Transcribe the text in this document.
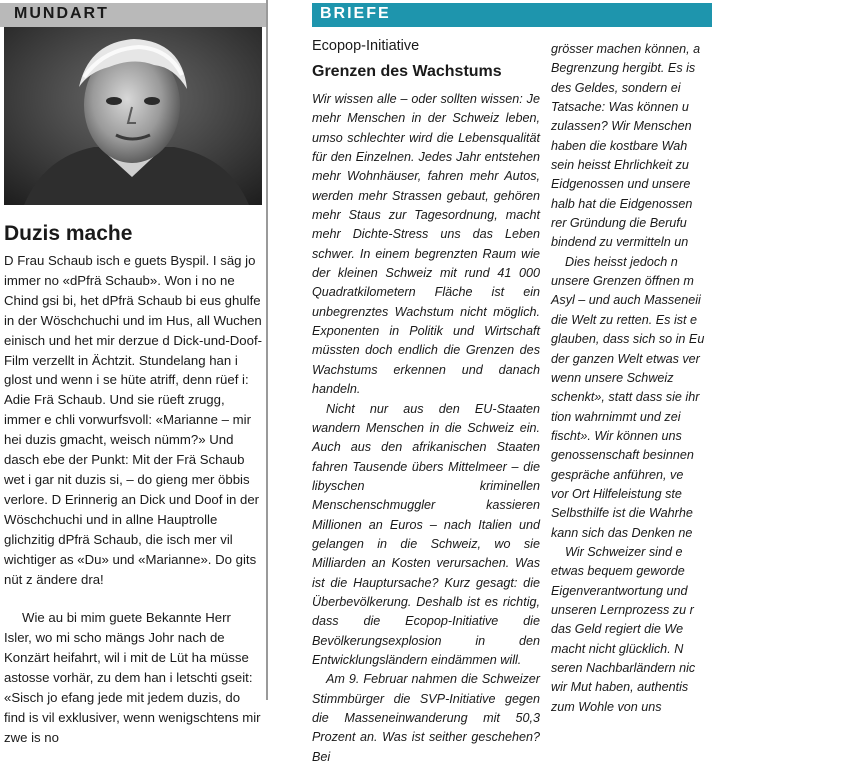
MUNDART
Duzis mache

D Frau Schaub isch e guets Byspil. I säg jo immer no «dPfrä Schaub». Won i no ne Chind gsi bi, het dPfrä Schaub bi eus ghulfe in der Wöschchuchi und im Hus, all Wuchen einisch und het mir derzue d Dick-und-Doof-Film verzellt in Ächtzit. Stundelang han i glost und wenn i se hüte atriff, denn rüef i: Adie Frä Schaub. Und sie rüeft zrugg, immer e chli vorwurfsvoll: «Marianne – mir hei duzis gmacht, weisch nümm?» Und dasch ebe der Punkt: Mit der Frä Schaub wet i gar nit duzis si, – do gieng mer öbbis verlore. D Erinnerig an Dick und Doof in der Wöschchuchi und in allne Hauptrolle glichzitig dPfrä Schaub, die isch mer vil wichtiger as «Du» und «Marianne». Do gits nüt z ändere dra!

Wie au bi mim guete Bekannte Herr Isler, wo mi scho mängs Johr nach de Konzärt heifahrt, wil i mit de Lüt ha müsse astosse vorhär, zu dem han i letschti gseit: «Sisch jo efang jede mit jedem duzis, do find is vil exklusiver, wenn wenigschtens mir zwe is no

BRIEFE
Ecopop-Initiative
Grenzen des Wachstums

Wir wissen alle – oder sollten wissen: Je mehr Menschen in der Schweiz leben, umso schlechter wird die Lebensqualität für den Einzelnen. Jedes Jahr entstehen mehr Wohnhäuser, fahren mehr Autos, werden mehr Strassen gebaut, gehören mehr Staus zur Tagesordnung, macht mehr Dichte-Stress uns das Leben schwer. In einem begrenzten Raum wie der kleinen Schweiz mit rund 41 000 Quadratkilometern Fläche ist ein unbegrenztes Wachstum nicht möglich. Exponenten in Politik und Wirtschaft müssten doch endlich die Grenzen des Wachstums erkennen und danach handeln.

Nicht nur aus den EU-Staaten wandern Menschen in die Schweiz ein. Auch aus den afrikanischen Staaten fahren Tausende übers Mittelmeer – die libyschen kriminellen Menschenschmuggler kassieren Millionen an Euros – nach Italien und gelangen in die Schweiz, wo sie Milliarden an Kosten verursachen. Was ist die Hauptursache? Kurz gesagt: die Überbevölkerung. Deshalb ist es richtig, dass die Ecopop-Initiative die Bevölkerungsexplosion in den Entwicklungsländern eindämmen will.

Am 9. Februar nahmen die Schweizer Stimmbürger die SVP-Initiative gegen die Masseneinwanderung mit 50,3 Prozent an. Was ist seither geschehen? Bei

grösser machen können, a
Begrenzung hergibt. Es is
des Geldes, sondern ei
Tatsache: Was können u
zulassen? Wir Menschen
haben die kostbare Wah
sein heisst Ehrlichkeit zu
Eidgenossen und unsere
halb hat die Eidgenossen
rer Gründung die Berufu
bindend zu vermitteln un
Dies heisst jedoch n
unsere Grenzen öffnen m
Asyl – und auch Masseneii
die Welt zu retten. Es ist e
glauben, dass sich so in Eu
der ganzen Welt etwas ver
wenn unsere Schweiz
schenkt», statt dass sie ihr
tion wahrnimmt und zei
fischt». Wir können uns
genossenschaft besinnen
gespräche anführen, ve
vor Ort Hilfeleistung ste
Selbsthilfe ist die Wahrhe
kann sich das Denken ne
Wir Schweizer sind e
etwas bequem geworde
Eigenverantwortung und
unseren Lernprozess zu r
das Geld regiert die We
macht nicht glücklich. N
seren Nachbarländern nic
wir Mut haben, authentis
zum Wohle von uns
